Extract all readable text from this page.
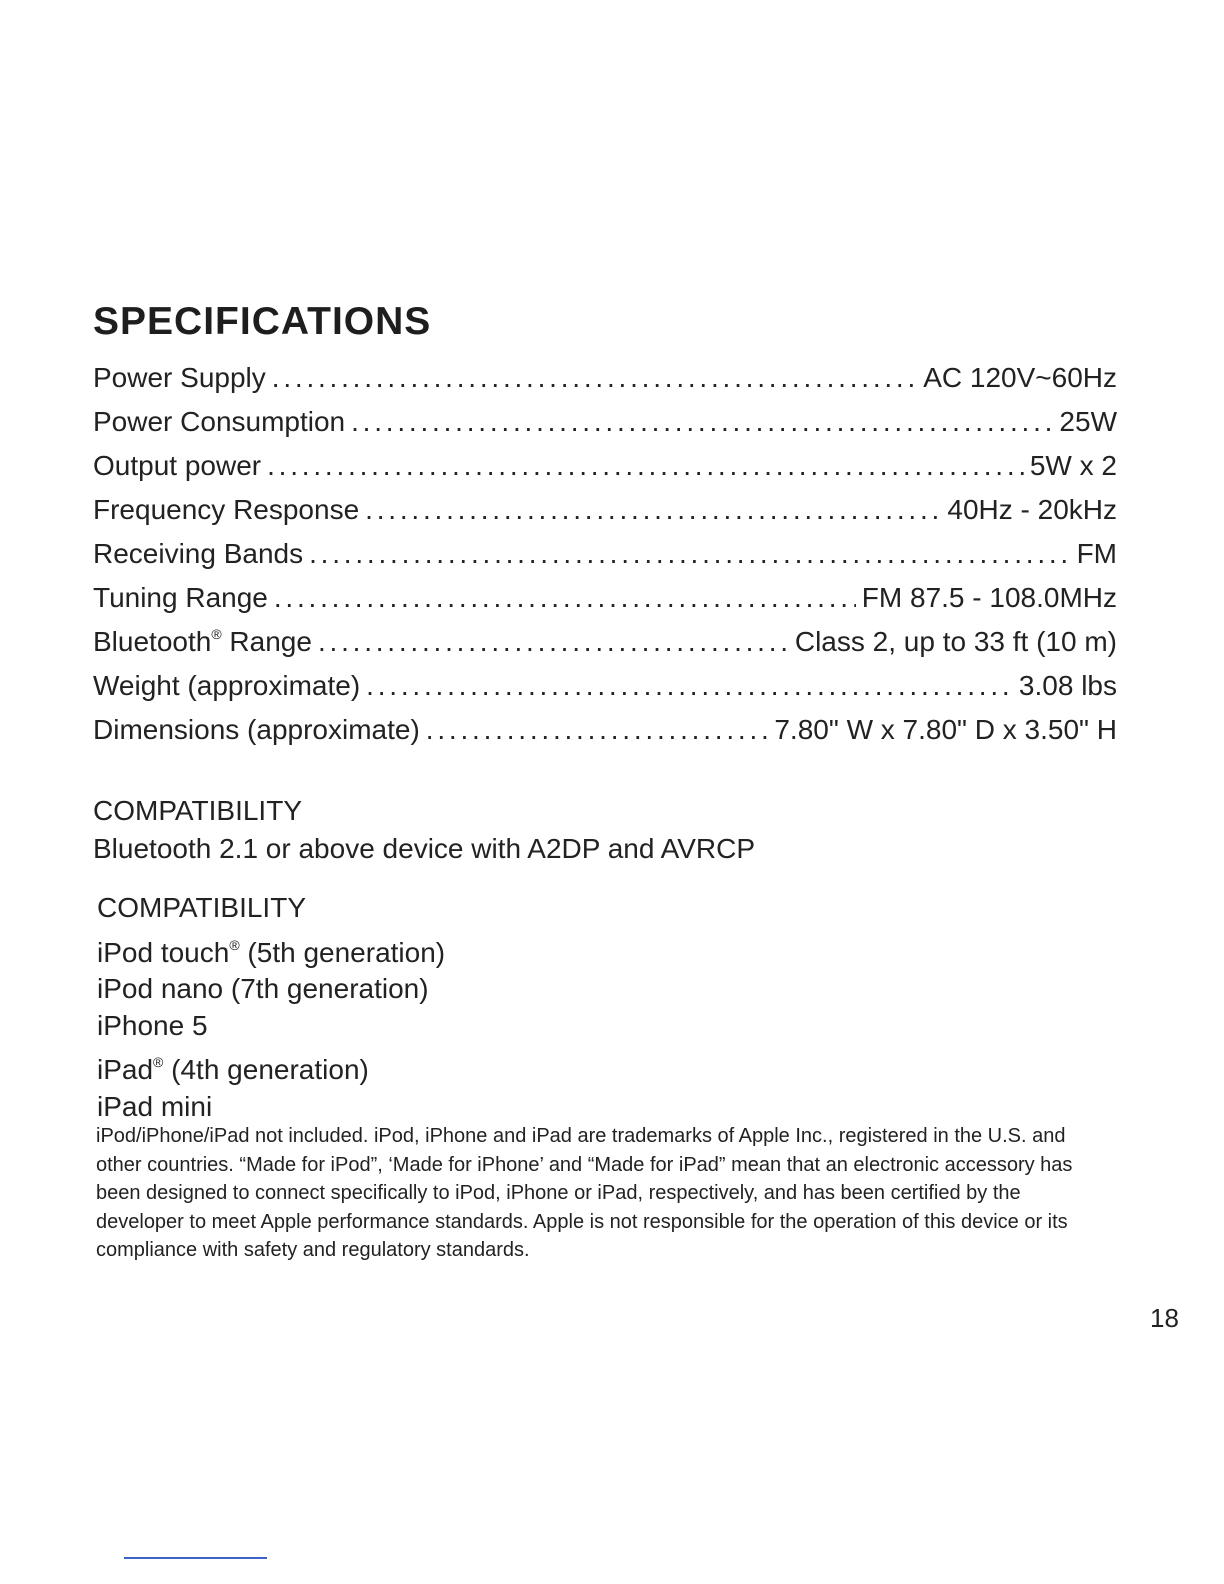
SPECIFICATIONS
Power Supply . . .	AC 120V~60Hz
Power Consumption . . .	25W
Output power . . .	5W x 2
Frequency Response . . .	40Hz - 20kHz
Receiving Bands . . .	FM
Tuning Range . . .	FM 87.5 - 108.0MHz
Bluetooth® Range . . .	Class 2, up to 33 ft (10 m)
Weight (approximate) . . .	3.08 lbs
Dimensions (approximate) . . .	7.80" W x 7.80" D x 3.50" H
COMPATIBILITY
Bluetooth 2.1 or above device with A2DP and AVRCP
COMPATIBILITY
iPod touch® (5th generation)
iPod nano (7th generation)
iPhone 5
iPad® (4th generation)
iPad mini

iPod/iPhone/iPad not included. iPod, iPhone and iPad are trademarks of Apple Inc., registered in the U.S. and other countries. “Made for iPod”, ‘Made for iPhone’ and “Made for iPad” mean that an electronic accessory has been designed to connect specifically to iPod, iPhone or iPad, respectively, and has been certified by the developer to meet Apple performance standards. Apple is not responsible for the operation of this device or its compliance with safety and regulatory standards.

18
